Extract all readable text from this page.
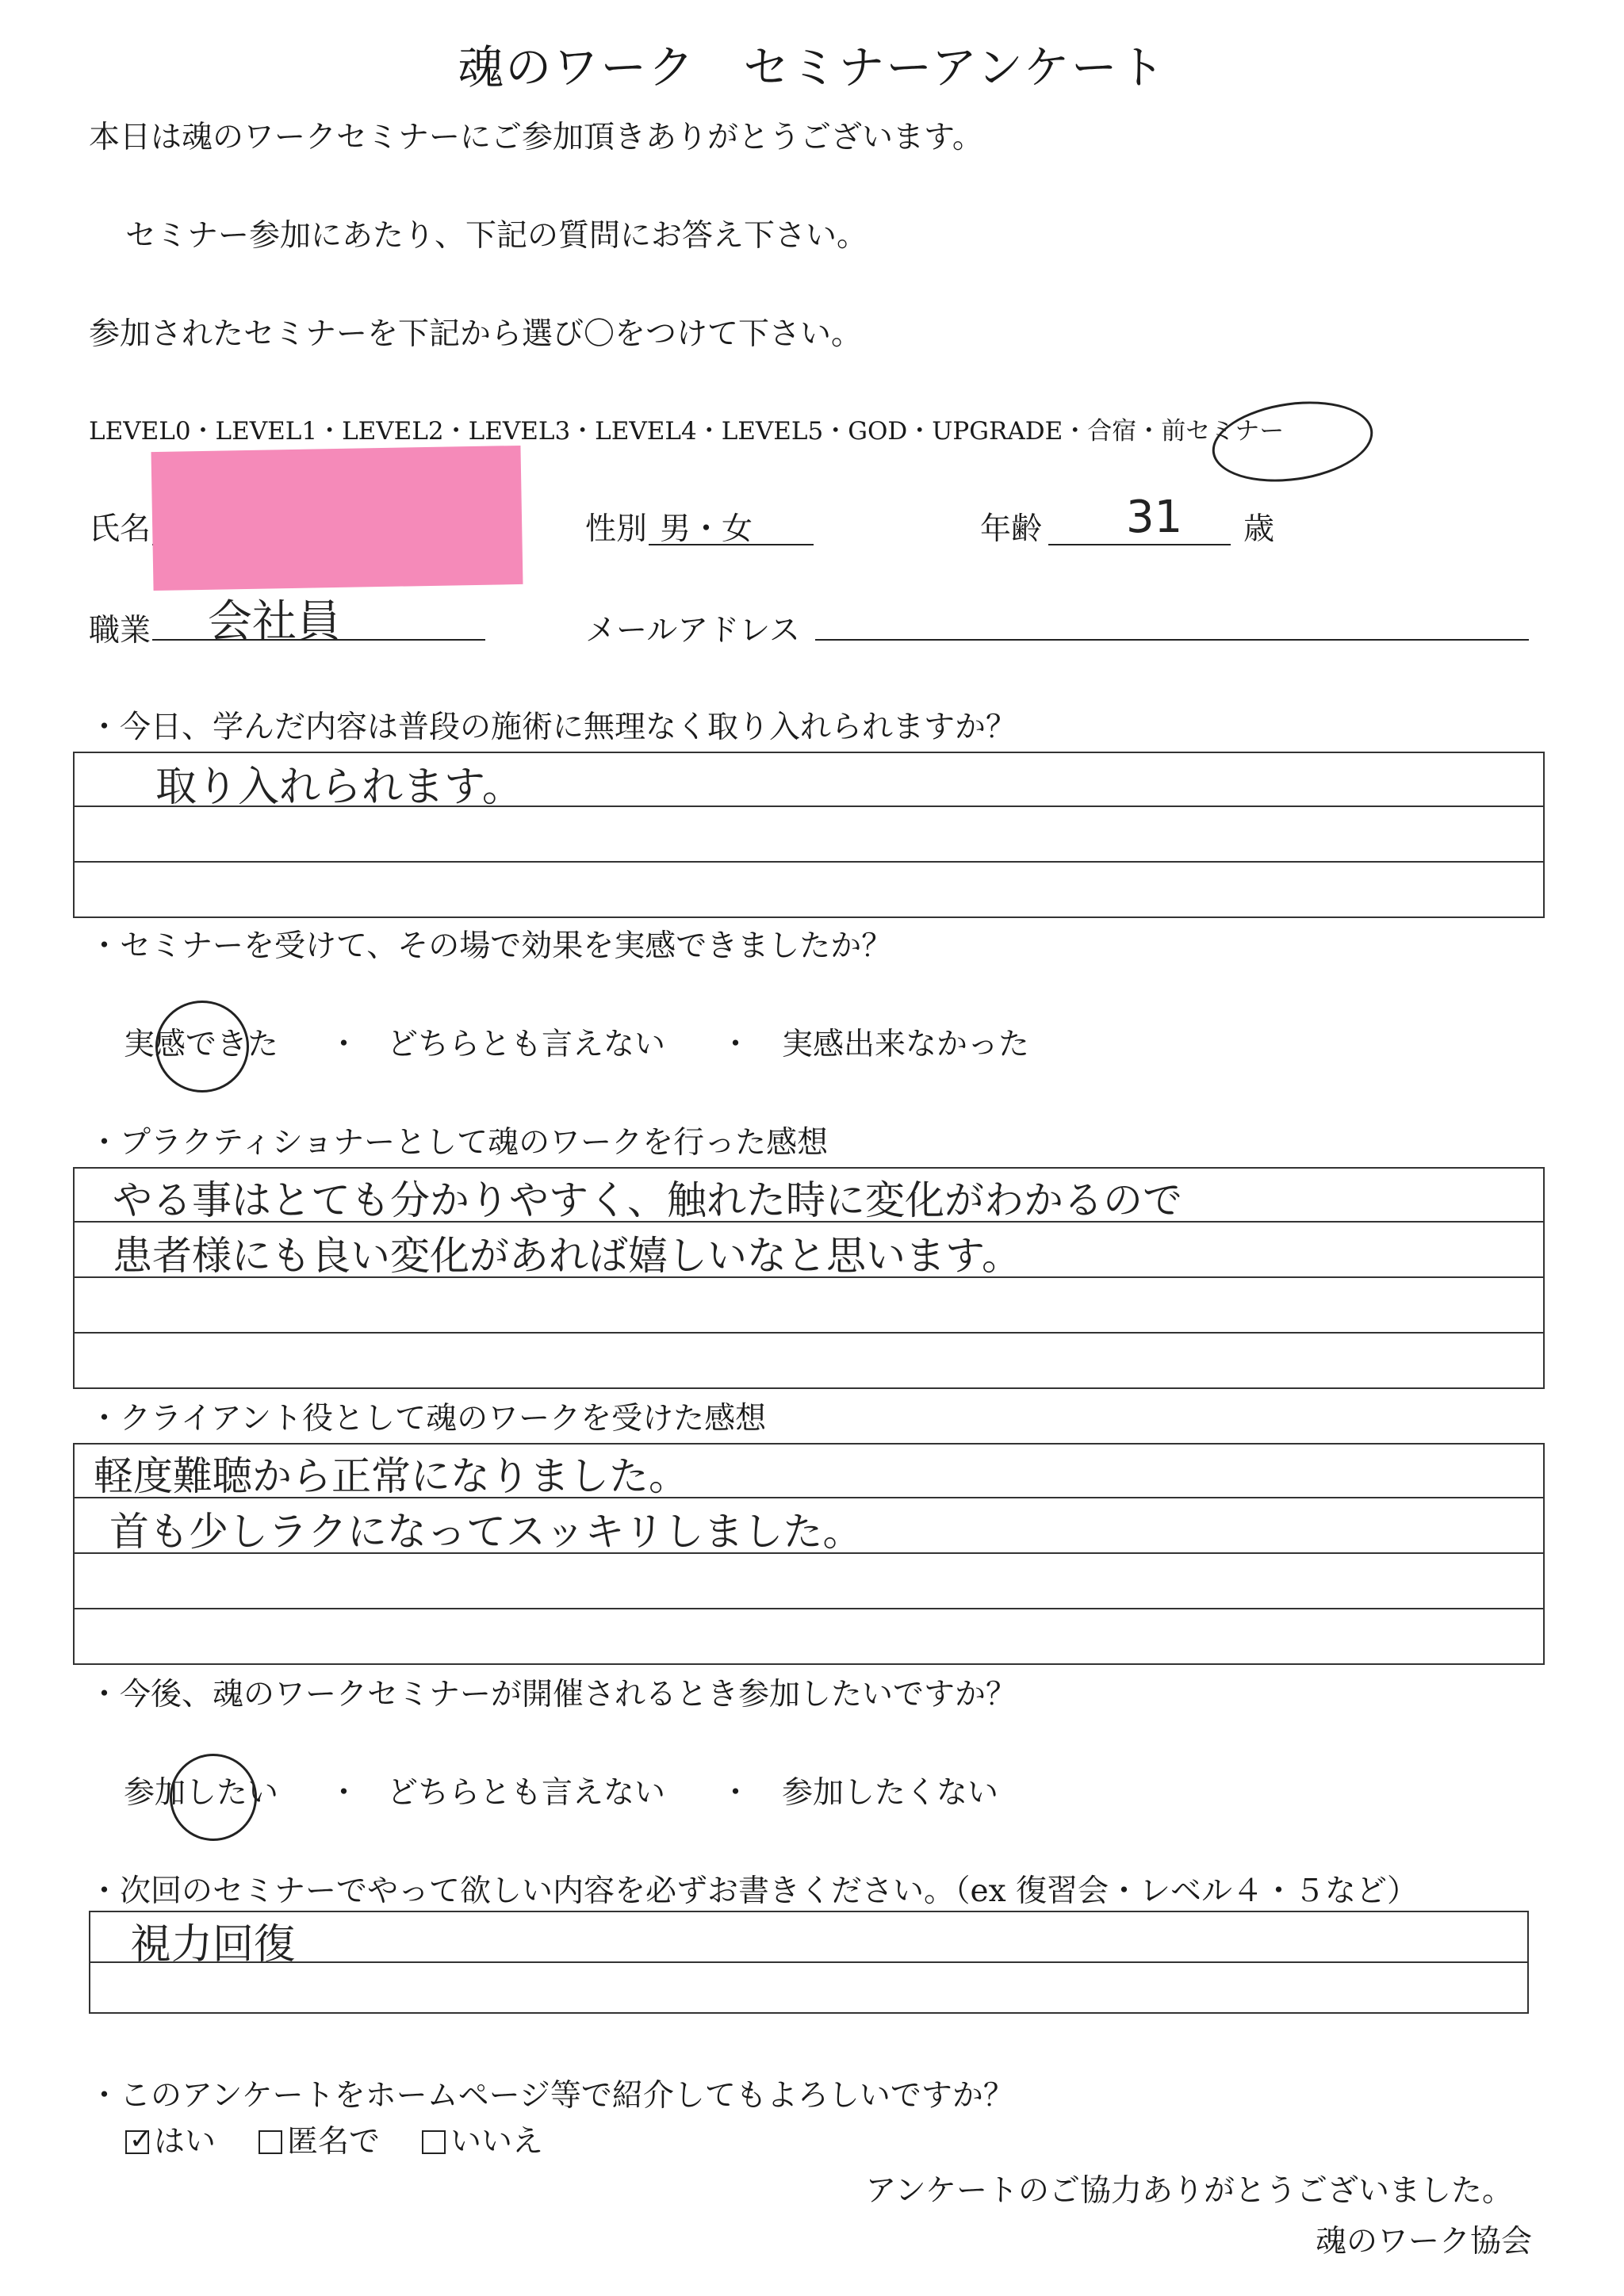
魂のワーク　セミナーアンケート
本日は魂のワークセミナーにご参加頂きありがとうございます。
セミナー参加にあたり、下記の質問にお答え下さい。
参加されたセミナーを下記から選び〇をつけて下さい。
LEVEL0・LEVEL1・LEVEL2・LEVEL3・LEVEL4・LEVEL5・GOD・UPGRADE・合宿・前セミナー
氏名	性別 男・女	年齢 31 歳
職業 会社員	メールアドレス
・今日、学んだ内容は普段の施術に無理なく取り入れられますか？
取り入れられます。
・セミナーを受けて、その場で効果を実感できましたか？
実感できた ・ どちらとも言えない ・ 実感出来なかった
・プラクティショナーとして魂のワークを行った感想
やる事はとても分かりやすく、触れた時に変化がわかるので
患者様にも良い変化があれば嬉しいなと思います。
・クライアント役として魂のワークを受けた感想
軽度難聴から正常になりました。
首も少しラクになってスッキリしました。
・今後、魂のワークセミナーが開催されるとき参加したいですか？
参加したい ・ どちらとも言えない ・ 参加したくない
・次回のセミナーでやって欲しい内容を必ずお書きください。（ex 復習会・レベル４・５など）
視力回復
・このアンケートをホームページ等で紹介してもよろしいですか？
✓ はい	匿名で	いいえ
アンケートのご協力ありがとうございました。
魂のワーク協会
